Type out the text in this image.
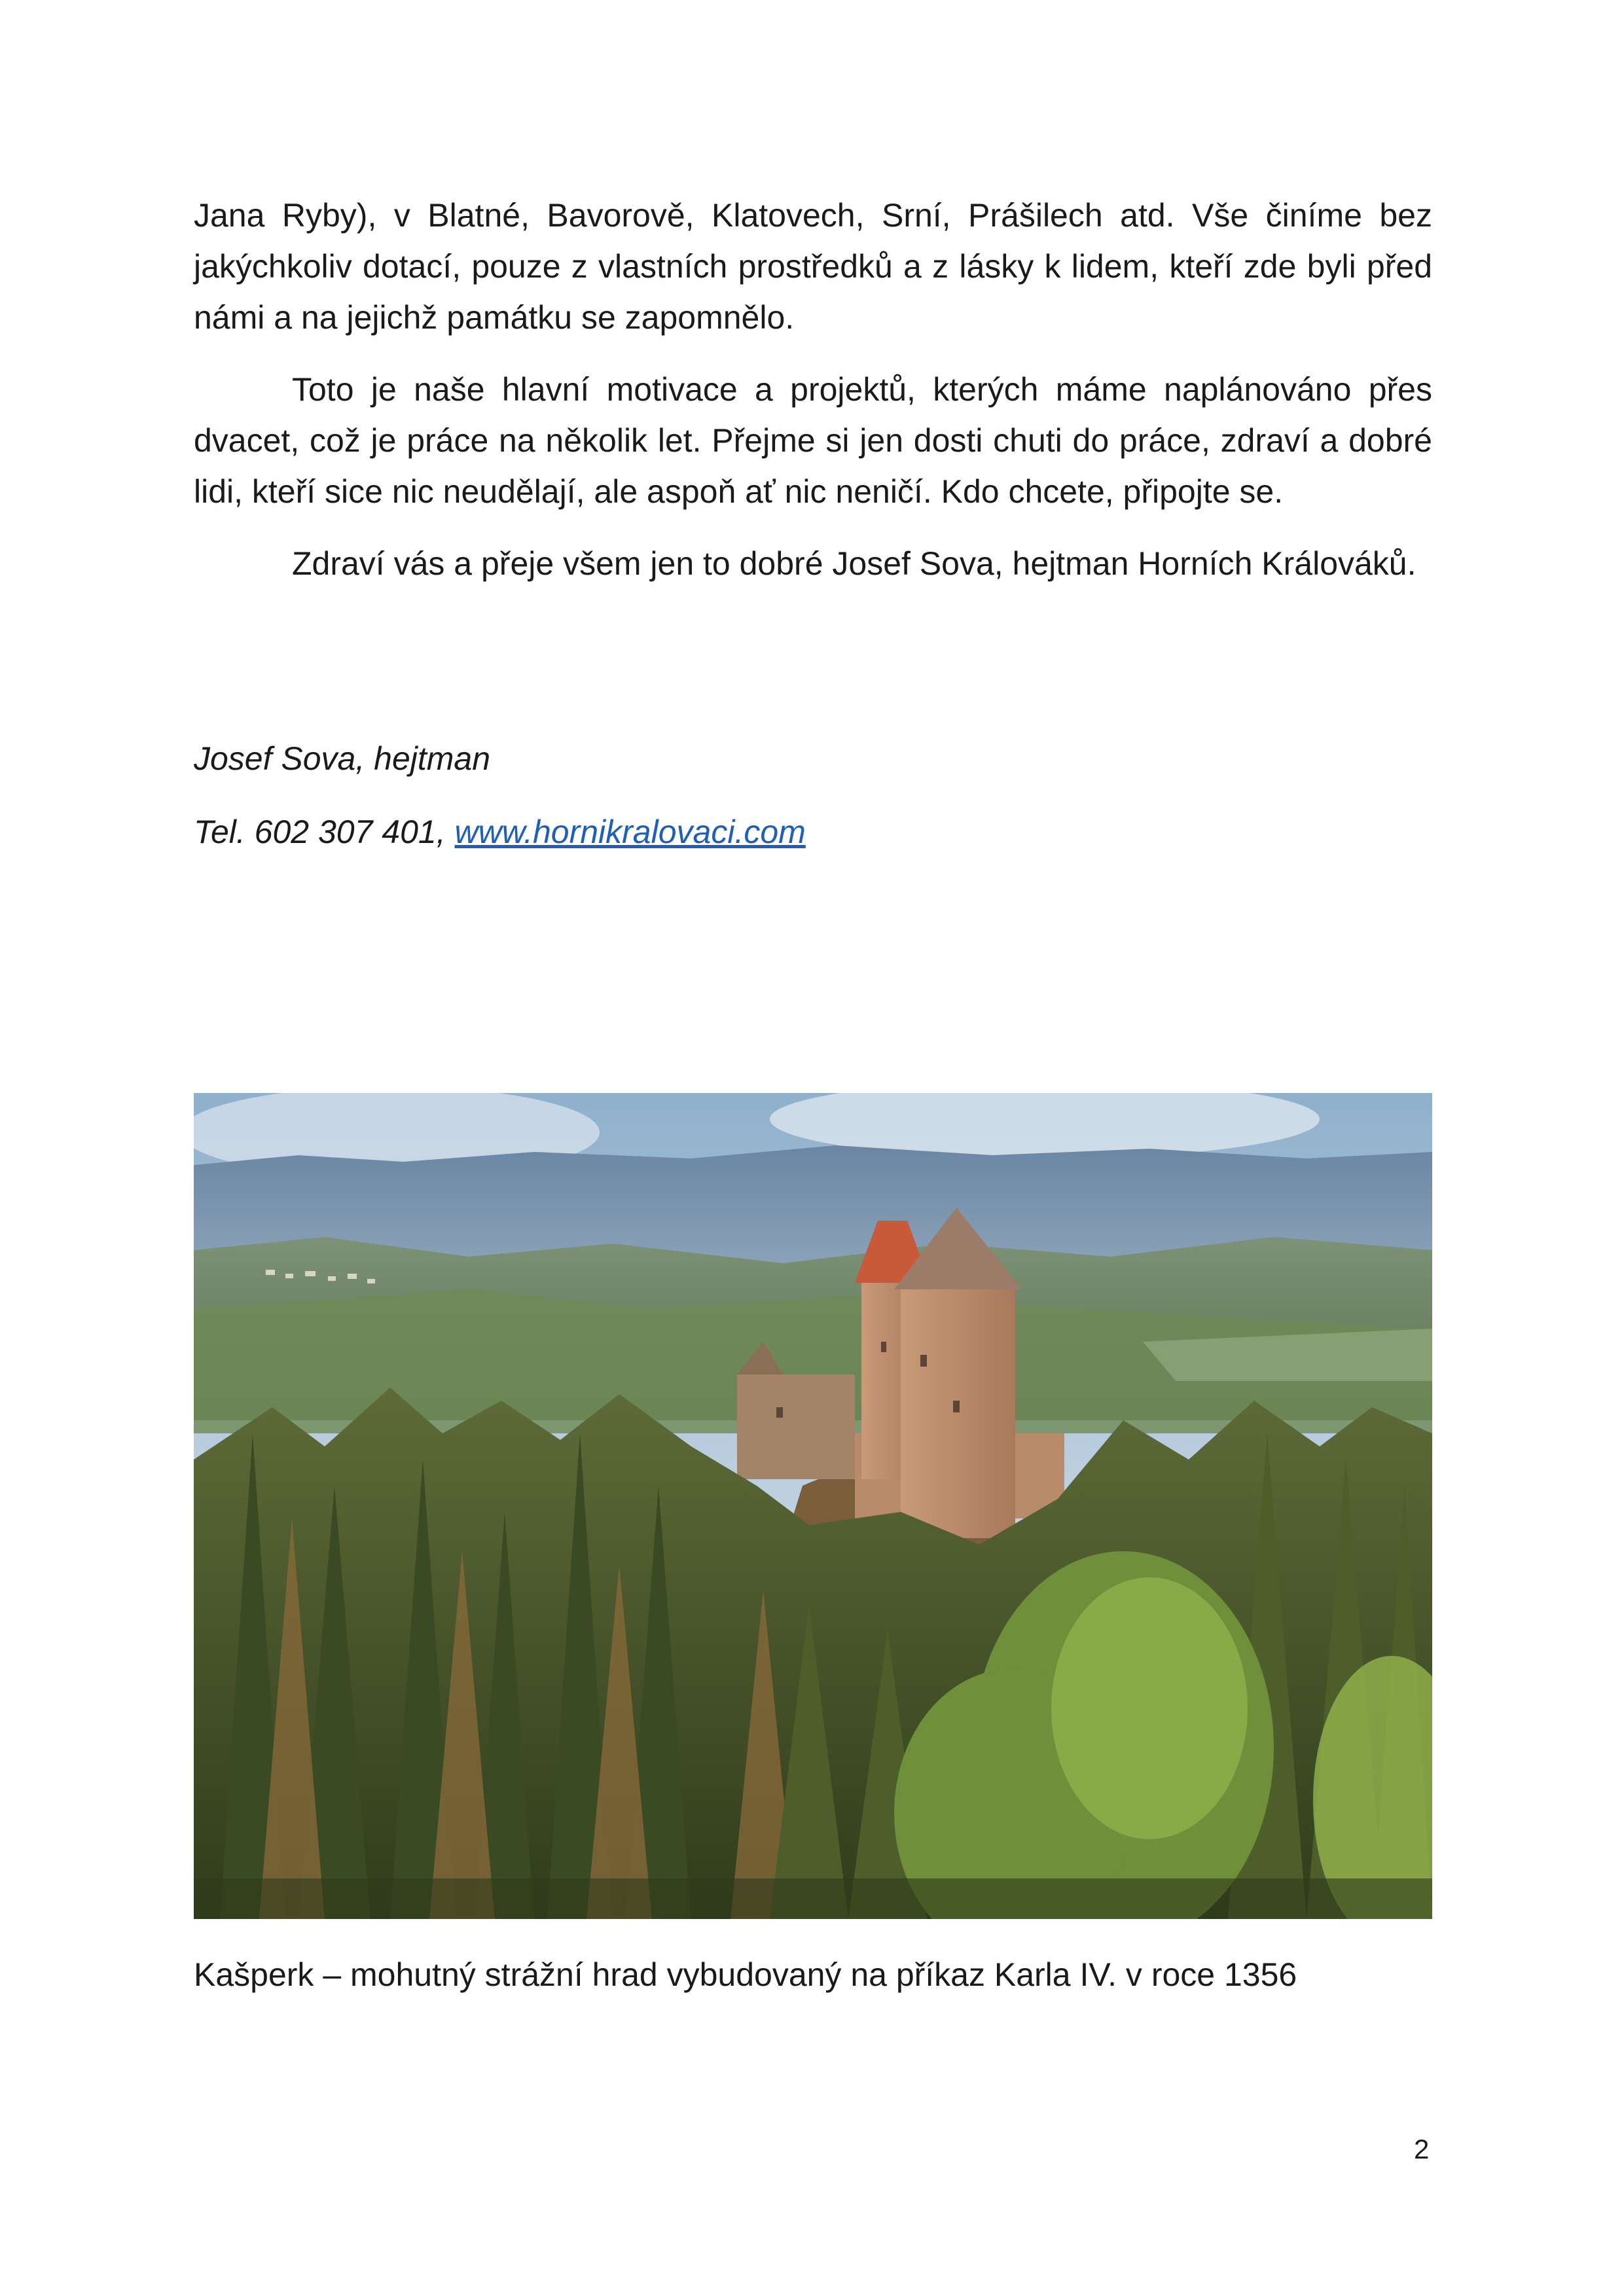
Jana Ryby), v Blatné, Bavorově, Klatovech, Srní, Prášilech atd. Vše činíme bez jakýchkoliv dotací, pouze z vlastních prostředků a z lásky k lidem, kteří zde byli před námi a na jejichž památku se zapomnělo.
Toto je naše hlavní motivace a projektů, kterých máme naplánováno přes dvacet, což je práce na několik let. Přejme si jen dosti chuti do práce, zdraví a dobré lidi, kteří sice nic neudělají, ale aspoň ať nic neničí. Kdo chcete, připojte se.
Zdraví vás a přeje všem jen to dobré Josef Sova, hejtman Horních Králováků.
Josef Sova, hejtman
Tel. 602 307 401, www.hornikralovaci.com
Kašperk – mohutný strážní hrad vybudovaný na příkaz Karla IV. v roce 1356
2
